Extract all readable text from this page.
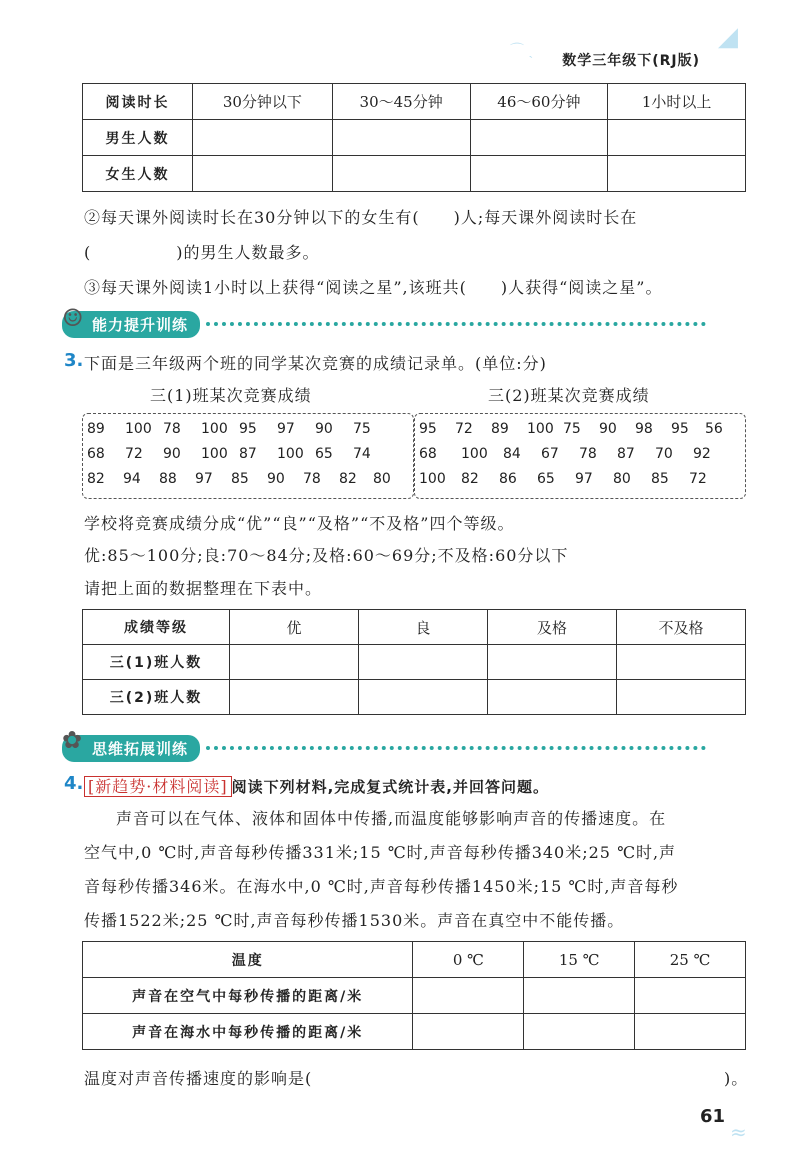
⌒ ˎ	◢
数学三年级下(RJ版)
阅读时长	30分钟以下	30～45分钟	46～60分钟	1小时以上
男生人数				
女生人数				
②每天课外阅读时长在30分钟以下的女生有(　　)人;每天课外阅读时长在
(　　　　　)的男生人数最多。
③每天课外阅读1小时以上获得“阅读之星”,该班共(　　)人获得“阅读之星”。
能力提升训练
☺
3. 下面是三年级两个班的同学某次竞赛的成绩记录单。(单位:分)
三(1)班某次竞赛成绩	三(2)班某次竞赛成绩
89	100 78	100 95	97	90	75
68	72	90	100 87	100 65	74
82	94	88	97	85	90	78	82	80
95	72	89	100 75	90	98	95	56
68	100	84	67	78	87	70	92
100	82	86	65	97	80	85	72
学校将竞赛成绩分成“优”“良”“及格”“不及格”四个等级。
优:85～100分;良:70～84分;及格:60～69分;不及格:60分以下
请把上面的数据整理在下表中。
成绩等级	优	良	及格	不及格
三(1)班人数				
三(2)班人数				
思维拓展训练
✿
4. [新趋势·材料阅读] 阅读下列材料,完成复式统计表,并回答问题。
声音可以在气体、液体和固体中传播,而温度能够影响声音的传播速度。在
空气中,0 ℃时,声音每秒传播331米;15 ℃时,声音每秒传播340米;25 ℃时,声
音每秒传播346米。在海水中,0 ℃时,声音每秒传播1450米;15 ℃时,声音每秒
传播1522米;25 ℃时,声音每秒传播1530米。声音在真空中不能传播。
温度	0 ℃	15 ℃	25 ℃
声音在空气中每秒传播的距离/米			
声音在海水中每秒传播的距离/米			
温度对声音传播速度的影响是(	)。
61
≈
